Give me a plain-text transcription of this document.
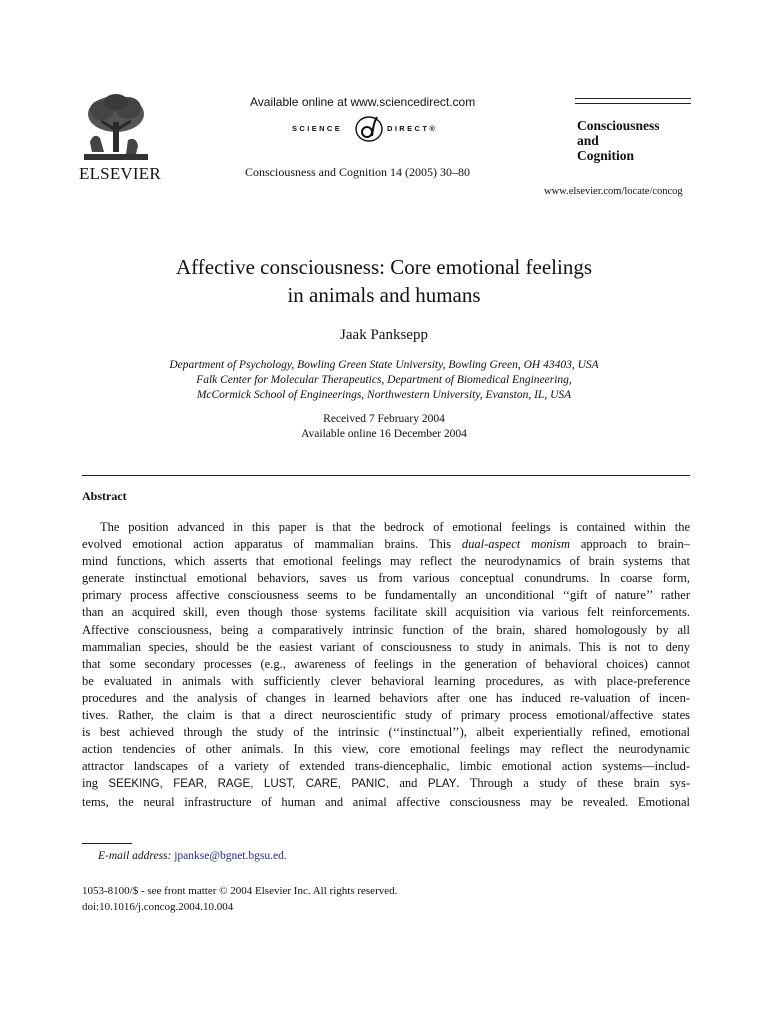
ELSEVIER
Available online at www.sciencedirect.com
SCIENCE	DIRECT®
Consciousness and Cognition 14 (2005) 30–80
Consciousness
and
Cognition
www.elsevier.com/locate/concog
Affective consciousness: Core emotional feelings
in animals and humans
Jaak Panksepp
Department of Psychology, Bowling Green State University, Bowling Green, OH 43403, USA
Falk Center for Molecular Therapeutics, Department of Biomedical Engineering,
McCormick School of Engineerings, Northwestern University, Evanston, IL, USA
Received 7 February 2004
Available online 16 December 2004
Abstract
The position advanced in this paper is that the bedrock of emotional feelings is contained within the
evolved emotional action apparatus of mammalian brains. This dual-aspect monism approach to brain–
mind functions, which asserts that emotional feelings may reflect the neurodynamics of brain systems that
generate instinctual emotional behaviors, saves us from various conceptual conundrums. In coarse form,
primary process affective consciousness seems to be fundamentally an unconditional ‘‘gift of nature’’ rather
than an acquired skill, even though those systems facilitate skill acquisition via various felt reinforcements.
Affective consciousness, being a comparatively intrinsic function of the brain, shared homologously by all
mammalian species, should be the easiest variant of consciousness to study in animals. This is not to deny
that some secondary processes (e.g., awareness of feelings in the generation of behavioral choices) cannot
be evaluated in animals with sufficiently clever behavioral learning procedures, as with place-preference
procedures and the analysis of changes in learned behaviors after one has induced re-valuation of incen-
tives. Rather, the claim is that a direct neuroscientific study of primary process emotional/affective states
is best achieved through the study of the intrinsic (‘‘instinctual’’), albeit experientially refined, emotional
action tendencies of other animals. In this view, core emotional feelings may reflect the neurodynamic
attractor landscapes of a variety of extended trans-diencephalic, limbic emotional action systems—includ-
ing SEEKING, FEAR, RAGE, LUST, CARE, PANIC, and PLAY. Through a study of these brain sys-
tems, the neural infrastructure of human and animal affective consciousness may be revealed. Emotional
E-mail address: jpankse@bgnet.bgsu.ed.
1053-8100/$ - see front matter © 2004 Elsevier Inc. All rights reserved.
doi:10.1016/j.concog.2004.10.004
